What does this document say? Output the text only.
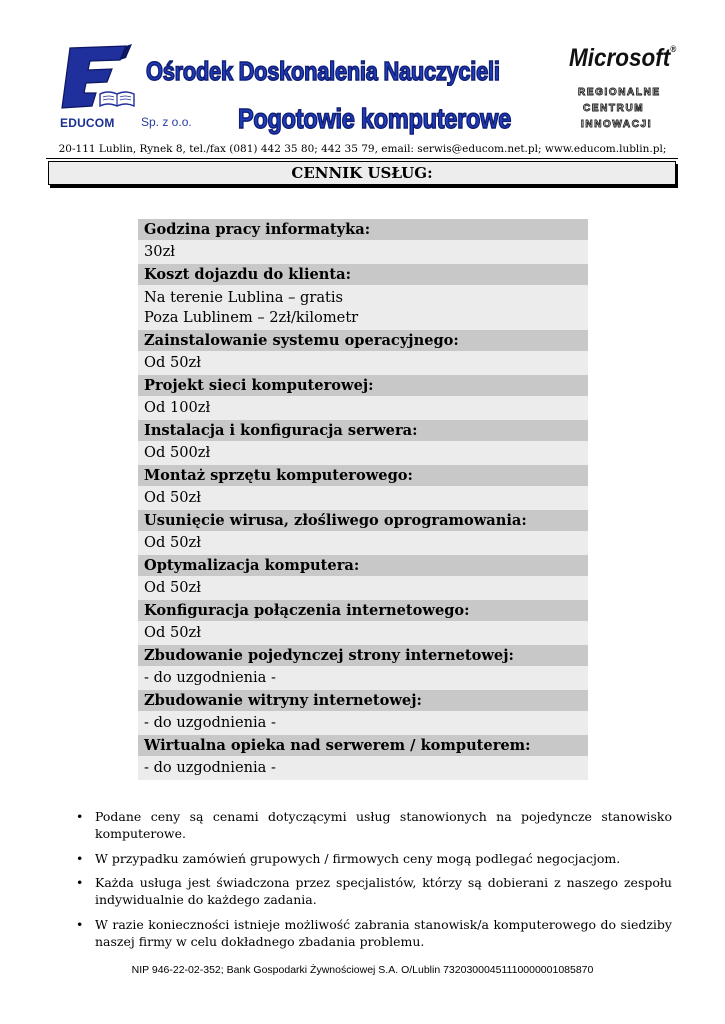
EDUCOM Sp. z o.o.
Ośrodek Doskonalenia Nauczycieli
Pogotowie komputerowe
Microsoft®
REGIONALNE
CENTRUM
INNOWACJI
20-111 Lublin, Rynek 8, tel./fax (081) 442 35 80; 442 35 79, email: serwis@educom.net.pl; www.educom.lublin.pl;
CENNIK USŁUG:
Godzina pracy informatyka:
30zł
Koszt dojazdu do klienta:
Na terenie Lublina – gratis
Poza Lublinem – 2zł/kilometr
Zainstalowanie systemu operacyjnego:
Od 50zł
Projekt sieci komputerowej:
Od 100zł
Instalacja i konfiguracja serwera:
Od 500zł
Montaż sprzętu komputerowego:
Od 50zł
Usunięcie wirusa, złośliwego oprogramowania:
Od 50zł
Optymalizacja komputera:
Od 50zł
Konfiguracja połączenia internetowego:
Od 50zł
Zbudowanie pojedynczej strony internetowej:
- do uzgodnienia -
Zbudowanie witryny internetowej:
- do uzgodnienia -
Wirtualna opieka nad serwerem / komputerem:
- do uzgodnienia -
• Podane ceny są cenami dotyczącymi usług stanowionych na pojedyncze stanowisko komputerowe.
• W przypadku zamówień grupowych / firmowych ceny mogą podlegać negocjacjom.
• Każda usługa jest świadczona przez specjalistów, którzy są dobierani z naszego zespołu indywidualnie do każdego zadania.
• W razie konieczności istnieje możliwość zabrania stanowisk/a komputerowego do siedziby naszej firmy w celu dokładnego zbadania problemu.
NIP 946-22-02-352; Bank Gospodarki Żywnościowej S.A. O/Lublin 73203000451110000001085870
